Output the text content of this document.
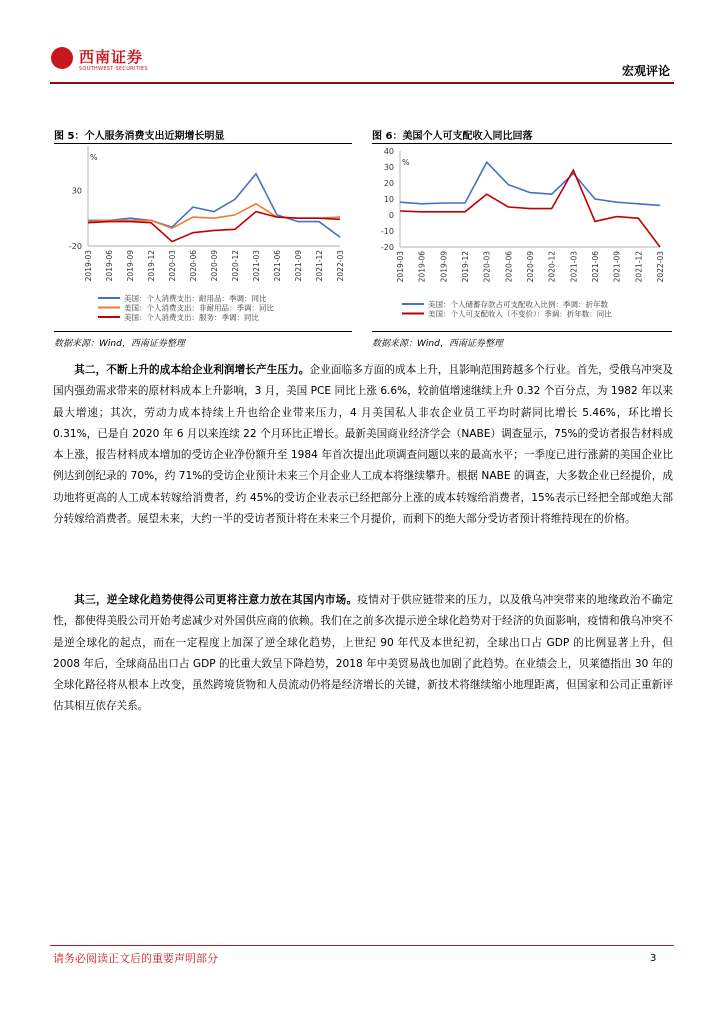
西南证券
SOUTHWEST SECURITIES	宏观评论
图 5：个人服务消费支出近期增长明显
%
30
-20
2019-03 2019-06 2019-09 2019-12 2020-03 2020-06 2020-09 2020-12 2021-03 2021-06 2021-09 2021-12 2022-03
美国：个人消费支出：耐用品：季调：同比
美国：个人消费支出：非耐用品：季调：同比
美国：个人消费支出：服务：季调：同比
数据来源：Wind，西南证券整理
图 6：美国个人可支配收入同比回落
%
40
30
20
10
0
-10
-20
2019-03 2019-06 2019-09 2019-12 2020-03 2020-06 2020-09 2020-12 2021-03 2021-06 2021-09 2021-12 2022-03
美国：个人储蓄存款占可支配收入比例：季调：折年数
美国：个人可支配收入（不变价）：季调：折年数：同比
数据来源：Wind，西南证券整理

其二，不断上升的成本给企业利润增长产生压力。企业面临多方面的成本上升，且影响范围跨越多个行业。首先，受俄乌冲突及国内强劲需求带来的原材料成本上升影响，3 月，美国 PCE 同比上涨 6.6%，较前值增速继续上升 0.32 个百分点，为 1982 年以来最大增速；其次，劳动力成本持续上升也给企业带来压力，4 月美国私人非农企业员工平均时薪同比增长 5.46%，环比增长 0.31%，已是自 2020 年 6 月以来连续 22 个月环比正增长。最新美国商业经济学会（NABE）调查显示，75%的受访者报告材料成本上涨，报告材料成本增加的受访企业净份额升至 1984 年首次提出此项调查问题以来的最高水平；一季度已进行涨薪的美国企业比例达到创纪录的 70%，约 71%的受访企业预计未来三个月企业人工成本将继续攀升。根据 NABE 的调查，大多数企业已经提价，成功地将更高的人工成本转嫁给消费者，约 45%的受访企业表示已经把部分上涨的成本转嫁给消费者，15%表示已经把全部或绝大部分转嫁给消费者。展望未来，大约一半的受访者预计将在未来三个月提价，而剩下的绝大部分受访者预计将维持现在的价格。

其三，逆全球化趋势使得公司更将注意力放在其国内市场。疫情对于供应链带来的压力，以及俄乌冲突带来的地缘政治不确定性，都使得美股公司开始考虑减少对外国供应商的依赖。我们在之前多次提示逆全球化趋势对于经济的负面影响，疫情和俄乌冲突不是逆全球化的起点，而在一定程度上加深了逆全球化趋势，上世纪 90 年代及本世纪初，全球出口占 GDP 的比例显著上升，但 2008 年后，全球商品出口占 GDP 的比重大致呈下降趋势，2018 年中美贸易战也加剧了此趋势。在业绩会上，贝莱德指出 30 年的全球化路径将从根本上改变，虽然跨境货物和人员流动仍将是经济增长的关键，新技术将继续缩小地理距离，但国家和公司正重新评估其相互依存关系。

请务必阅读正文后的重要声明部分	3
